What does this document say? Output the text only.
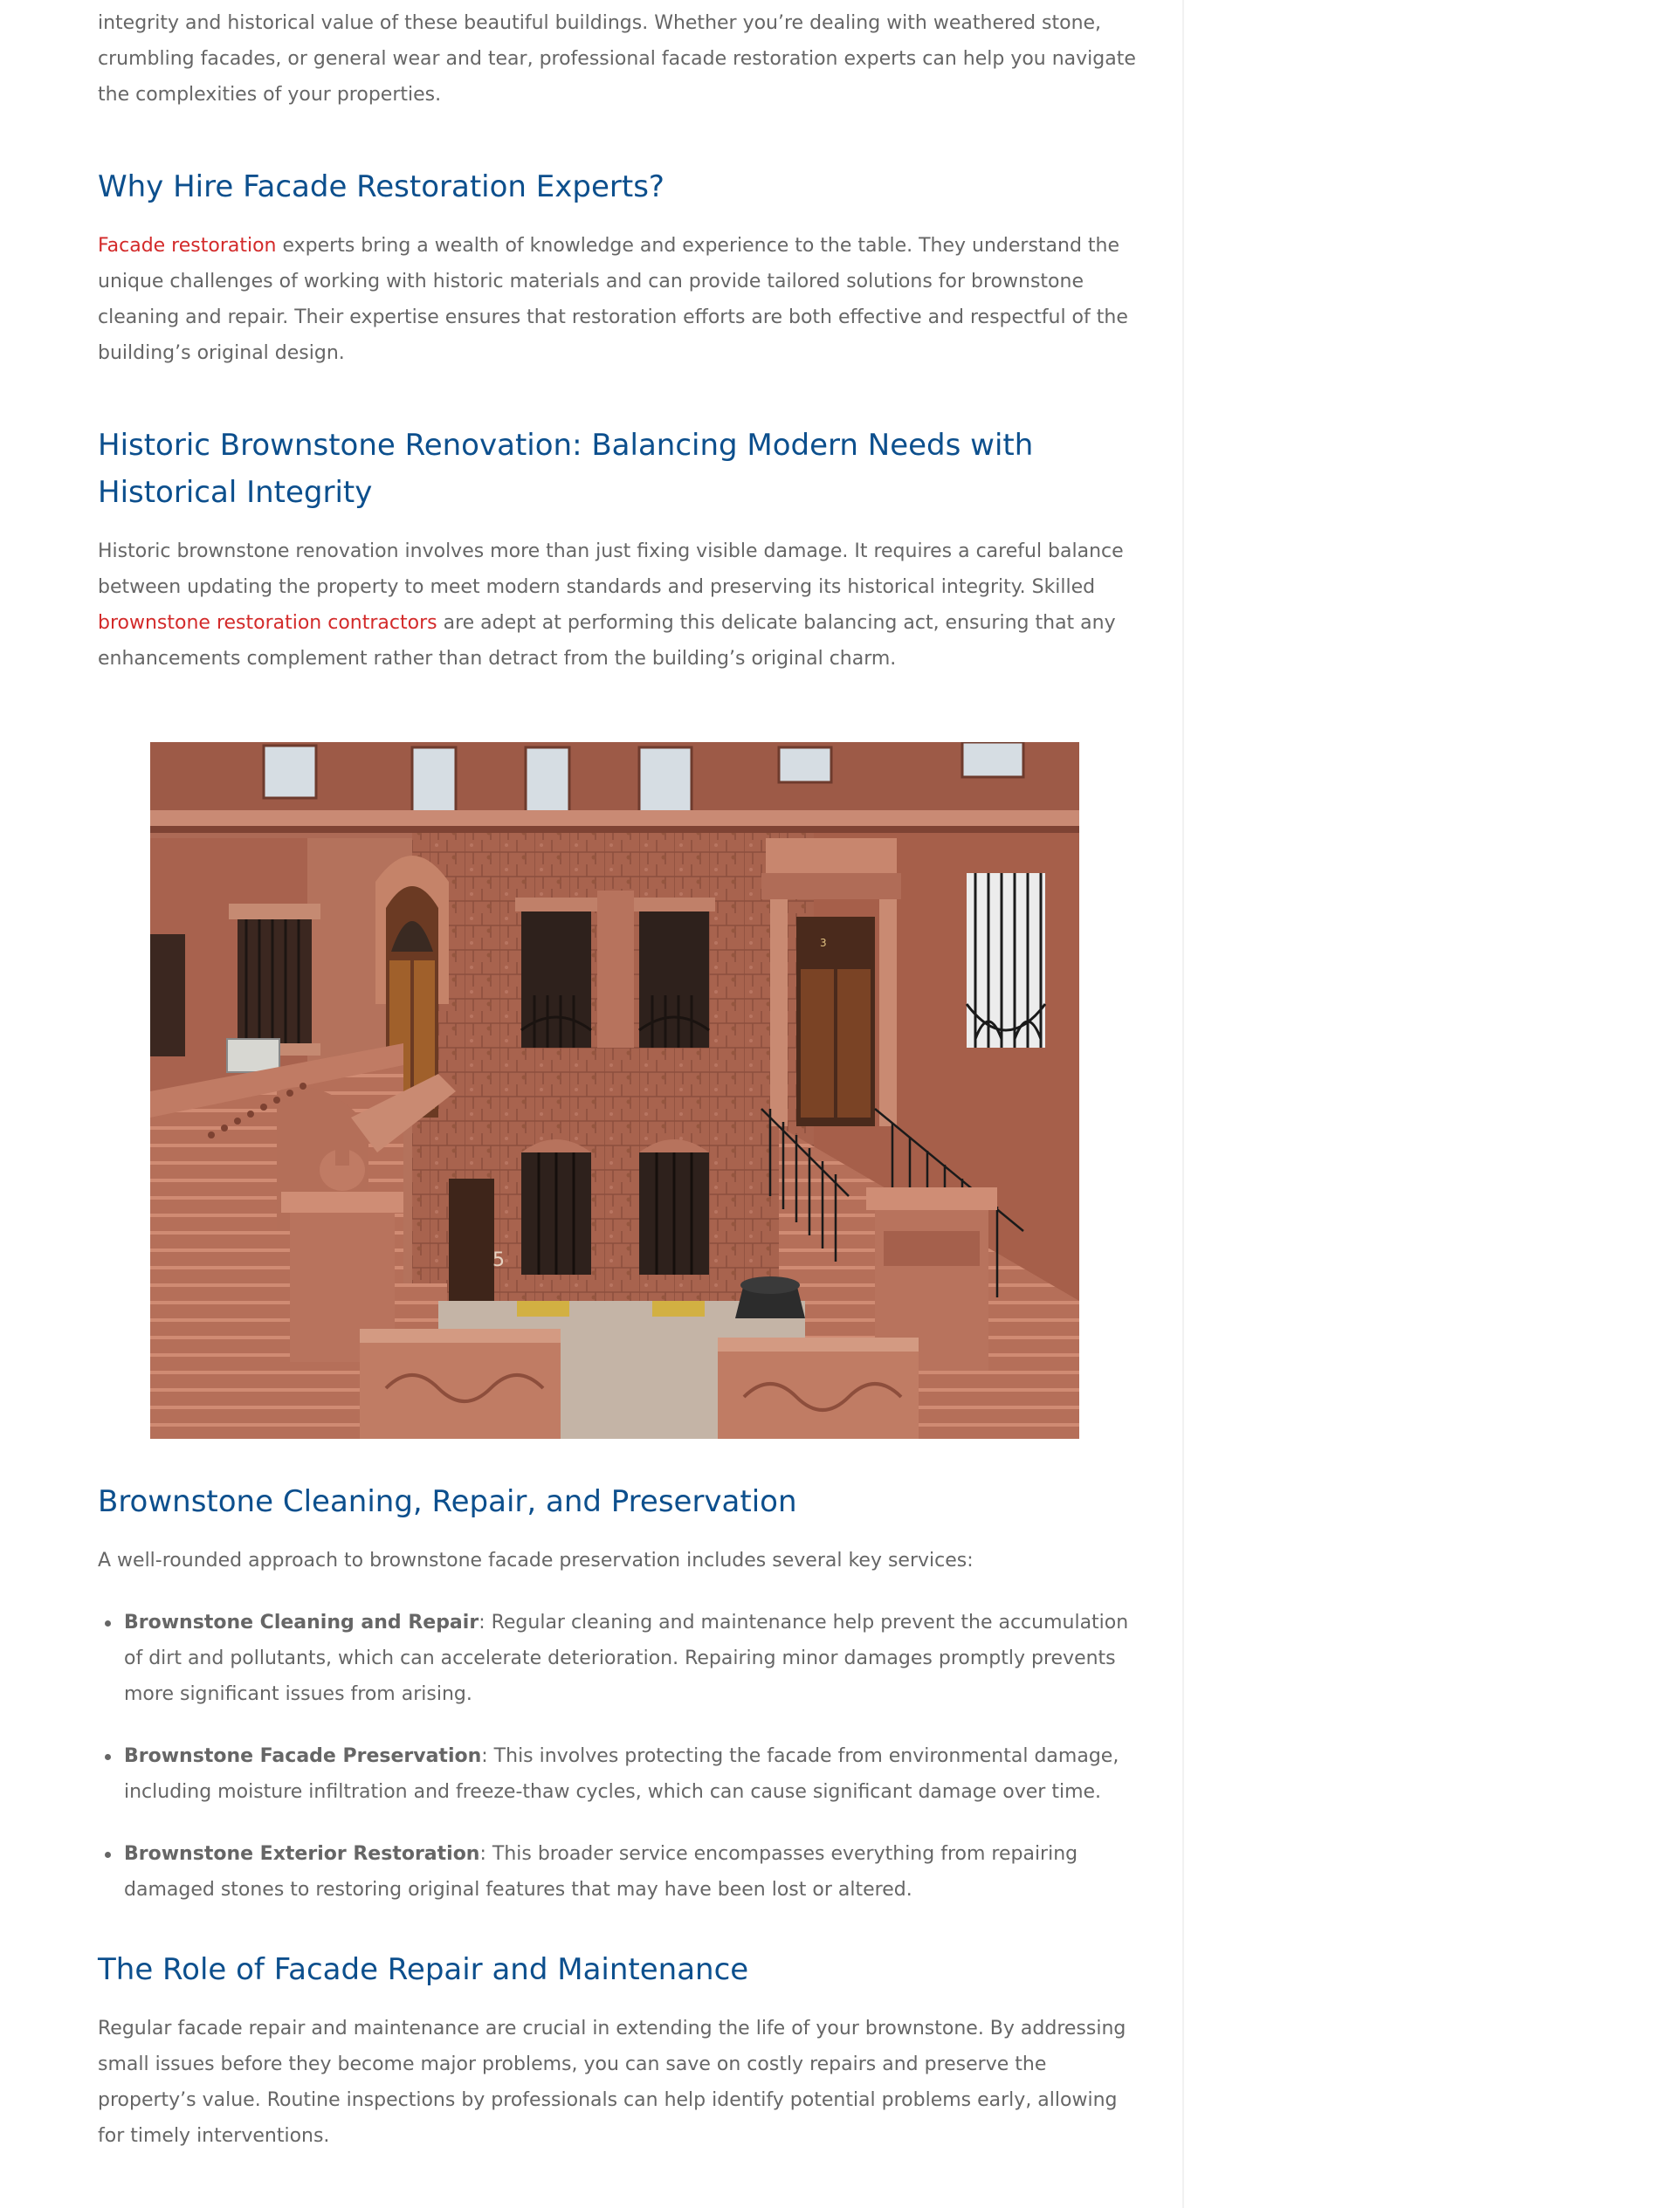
integrity and historical value of these beautiful buildings. Whether you’re dealing with weathered stone, crumbling facades, or general wear and tear, professional facade restoration experts can help you navigate the complexities of your properties.

Why Hire Facade Restoration Experts?

Facade restoration experts bring a wealth of knowledge and experience to the table. They understand the unique challenges of working with historic materials and can provide tailored solutions for brownstone cleaning and repair. Their expertise ensures that restoration efforts are both effective and respectful of the building’s original design.

Historic Brownstone Renovation: Balancing Modern Needs with Historical Integrity

Historic brownstone renovation involves more than just fixing visible damage. It requires a careful balance between updating the property to meet modern standards and preserving its historical integrity. Skilled brownstone restoration contractors are adept at performing this delicate balancing act, ensuring that any enhancements complement rather than detract from the building’s original charm.

3
5
Brownstone Cleaning, Repair, and Preservation

A well-rounded approach to brownstone facade preservation includes several key services:

Brownstone Cleaning and Repair: Regular cleaning and maintenance help prevent the accumulation of dirt and pollutants, which can accelerate deterioration. Repairing minor damages promptly prevents more significant issues from arising.
Brownstone Facade Preservation: This involves protecting the facade from environmental damage, including moisture infiltration and freeze-thaw cycles, which can cause significant damage over time.
Brownstone Exterior Restoration: This broader service encompasses everything from repairing damaged stones to restoring original features that may have been lost or altered.
The Role of Facade Repair and Maintenance

Regular facade repair and maintenance are crucial in extending the life of your brownstone. By addressing small issues before they become major problems, you can save on costly repairs and preserve the property’s value. Routine inspections by professionals can help identify potential problems early, allowing for timely interventions.
